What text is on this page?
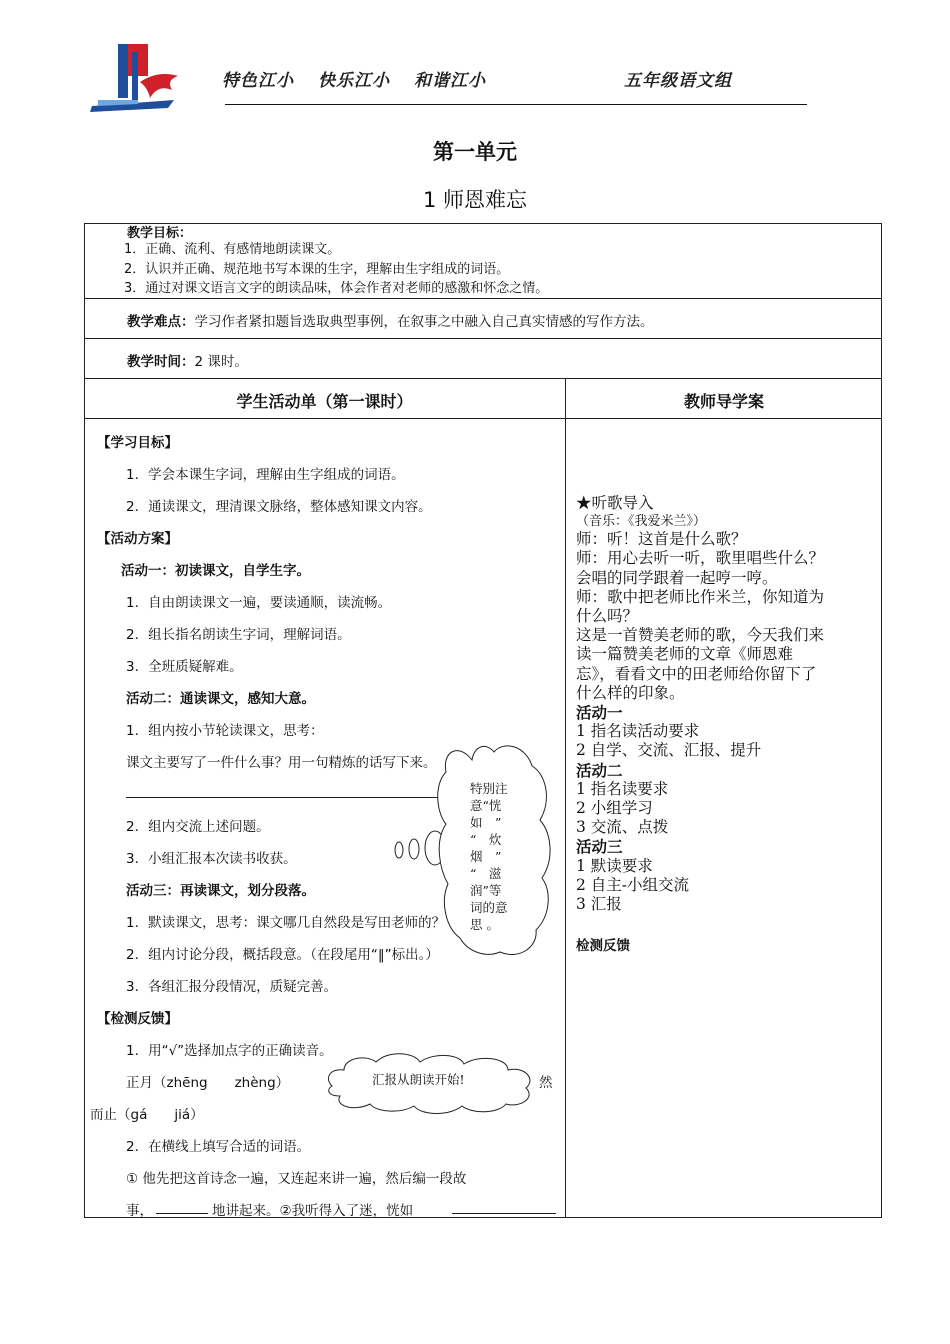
特色江小 快乐江小 和谐江小	五年级语文组
第一单元
1 师恩难忘
教学目标：
1．正确、流利、有感情地朗读课文。
2．认识并正确、规范地书写本课的生字，理解由生字组成的词语。
3．通过对课文语言文字的朗读品味，体会作者对老师的感激和怀念之情。
教学难点：学习作者紧扣题旨选取典型事例，在叙事之中融入自己真实情感的写作方法。
教学时间：2 课时。
学生活动单（第一课时）	教师导学案
【学习目标】
1．学会本课生字词，理解由生字组成的词语。
2．通读课文，理清课文脉络，整体感知课文内容。
【活动方案】
活动一：初读课文，自学生字。
1．自由朗读课文一遍，要读通顺，读流畅。
2．组长指名朗读生字词，理解词语。
3．全班质疑解难。
活动二：通读课文，感知大意。
1．组内按小节轮读课文，思考：
课文主要写了一件什么事？用一句精炼的话写下来。
2．组内交流上述问题。
3．小组汇报本次读书收获。
活动三：再读课文，划分段落。
1．默读课文，思考：课文哪几自然段是写田老师的？
2．组内讨论分段，概括段意。（在段尾用“‖”标出。）
3．各组汇报分段情况，质疑完善。
【检测反馈】
1．用“√”选择加点字的正确读音。
正月（zhēng　　zhèng）	然
而止（gá　　jiá）
2．在横线上填写合适的词语。
① 他先把这首诗念一遍，又连起来讲一遍，然后编一段故
事，	地讲起来。②我听得入了迷，恍如
特别注
意“恍
如　”
“　炊
烟　”
“　滋
润”等
词的意
思 。
汇报从朗读开始!
★听歌导入
（音乐：《我爱米兰》）
师：听！这首是什么歌？
师：用心去听一听，歌里唱些什么？
会唱的同学跟着一起哼一哼。
师：歌中把老师比作米兰，你知道为
什么吗？
这是一首赞美老师的歌，今天我们来
读一篇赞美老师的文章《师恩难
忘》，看看文中的田老师给你留下了
什么样的印象。
活动一
1 指名读活动要求
2 自学、交流、汇报、提升
活动二
1 指名读要求
2 小组学习
3 交流、点拨
活动三
1 默读要求
2 自主-小组交流
3 汇报
检测反馈
